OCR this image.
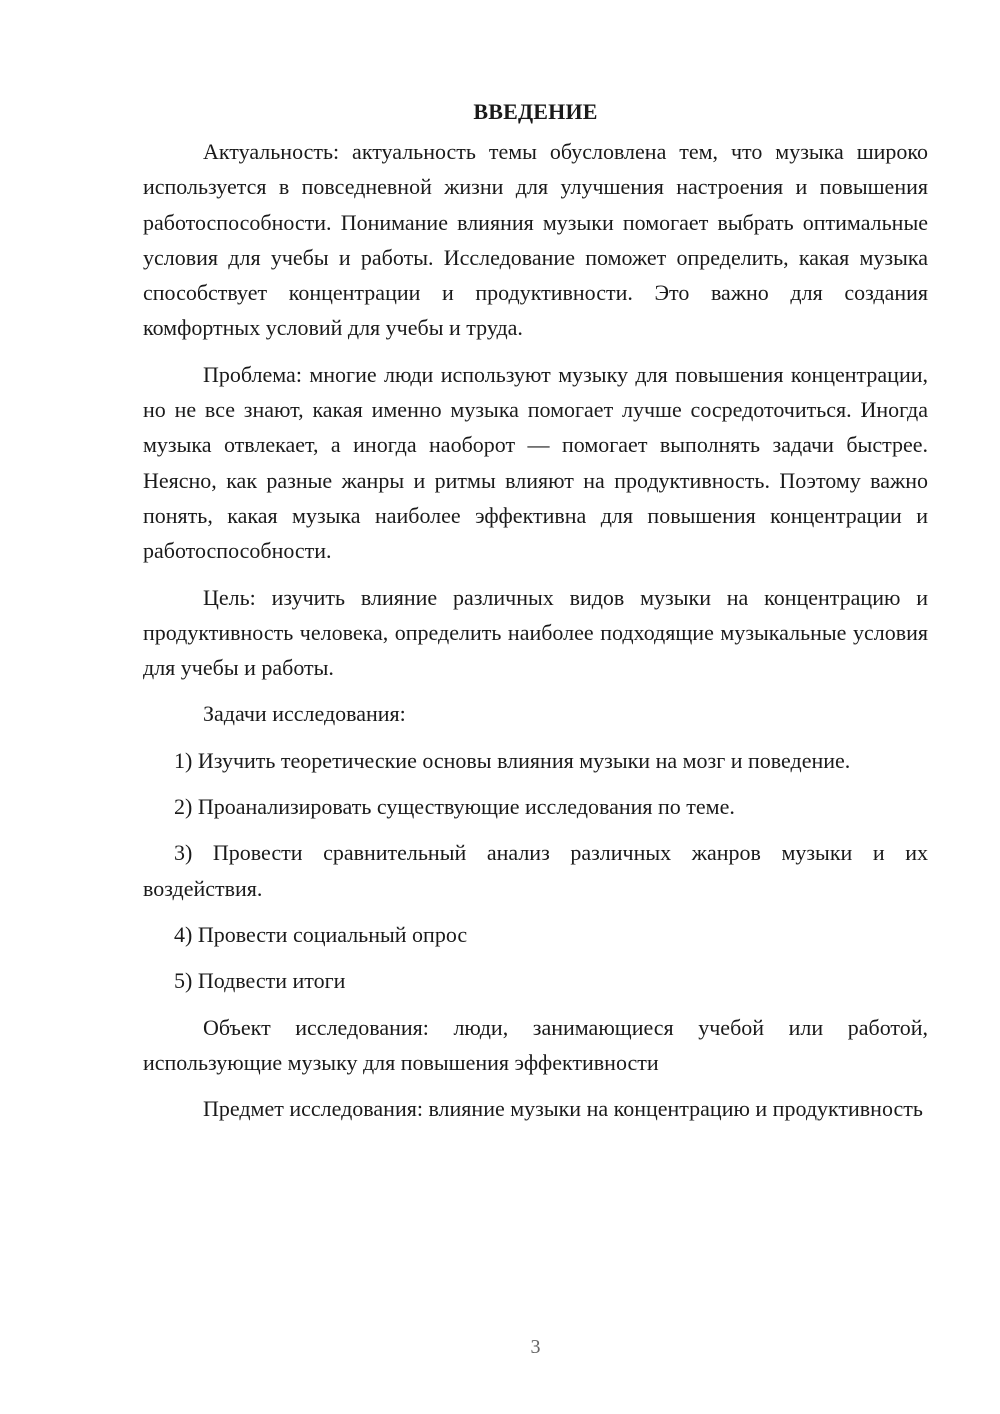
ВВЕДЕНИЕ

Актуальность: актуальность темы обусловлена тем, что музыка широко используется в повседневной жизни для улучшения настроения и повышения работоспособности. Понимание влияния музыки помогает выбрать оптимальные условия для учебы и работы. Исследование поможет определить, какая музыка способствует концентрации и продуктивности. Это важно для создания комфортных условий для учебы и труда.

Проблема: многие люди используют музыку для повышения концентрации, но не все знают, какая именно музыка помогает лучше сосредоточиться. Иногда музыка отвлекает, а иногда наоборот — помогает выполнять задачи быстрее. Неясно, как разные жанры и ритмы влияют на продуктивность. Поэтому важно понять, какая музыка наиболее эффективна для повышения концентрации и работоспособности.

Цель: изучить влияние различных видов музыки на концентрацию и продуктивность человека, определить наиболее подходящие музыкальные условия для учебы и работы.

Задачи исследования:

1) Изучить теоретические основы влияния музыки на мозг и поведение.

2) Проанализировать существующие исследования по теме.

3) Провести сравнительный анализ различных жанров музыки и их воздействия.

4) Провести социальный опрос

5) Подвести итоги

Объект исследования: люди, занимающиеся учебой или работой, использующие музыку для повышения эффективности

Предмет исследования: влияние музыки на концентрацию и продуктивность

3
